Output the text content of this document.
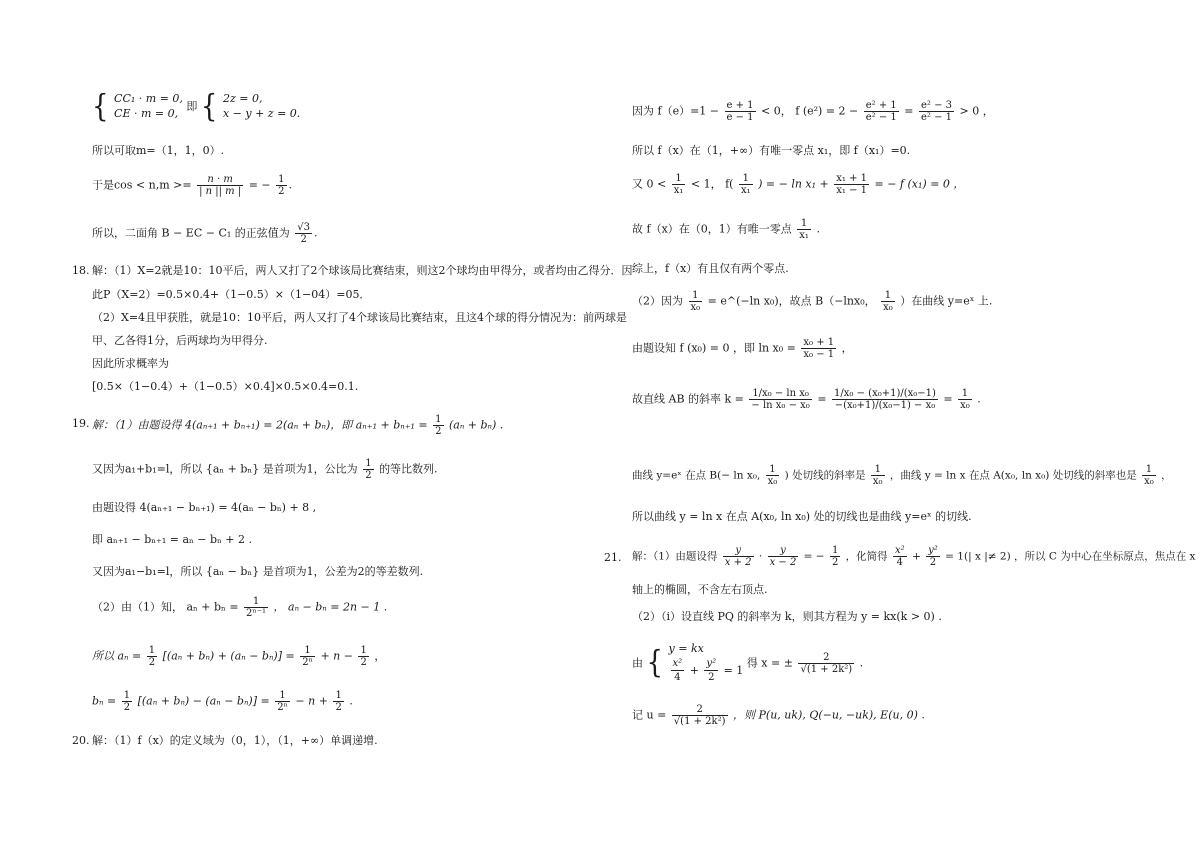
{ CC₁ · m = 0,
CE · m = 0,
即 { 2z = 0,
x − y + z = 0.
所以可取m=（1，1，0）.
于是$\cos < n,m >= \frac{n \cdot m}{| n || m |}$ = − $\frac{1}{2}$ .
所以，二面角 B − EC − C₁ 的正弦值为 $\frac{√3}{2}$ .
18. 解：（1）X=2就是10：10平后，两人又打了2个球该局比赛结束，则这2个球均由甲得分，或者均由乙得分．因
此P（X=2）=0.5×0.4+（1−0.5）×（1−04）=05．
（2）X=4且甲获胜，就是10：10平后，两人又打了4个球该局比赛结束，且这4个球的得分情况为：前两球是
甲、乙各得1分，后两球均为甲得分.
因此所求概率为
[0.5×（1−0.4）+（1−0.5）×0.4]×0.5×0.4=0.1.
19. 解：（1）由题设得 4(aₙ₊₁ + bₙ₊₁) = 2(aₙ + bₙ)，即 $a_{n+1} + b_{n+1} = \frac{1}{2} (a_n + b_n)$ .
又因为a₁+b₁=l，所以 {aₙ + bₙ} 是首项为1，公比为 $\frac{1}{2}$ 的等比数列.
由题设得 4(aₙ₊₁ − bₙ₊₁) = 4(aₙ − bₙ) + 8 ,
即 aₙ₊₁ − bₙ₊₁ = aₙ − bₙ + 2 .
又因为a₁−b₁=l，所以 {aₙ − bₙ} 是首项为1，公差为2的等差数列.
（2）由（1）知， $a_n + b_n = \frac{1}{\text{2ⁿ⁻¹}}$ ， aₙ − bₙ = 2n − 1 .
所以 $a_n = \frac{1}{2} [(a_n + b_n) + (a_n - b_n)] = \frac{1}{\text{2ⁿ}} + n - \frac{1}{2}$ ，
$b_n = \frac{1}{2} [(a_n + b_n) - (a_n - b_n)] = \frac{1}{\text{2ⁿ}} - n + \frac{1}{2}$ .
20. 解：（1）f（x）的定义域为（0，1），（1，+∞）单调递增.
因为 $f(e)=1 - \frac{e + 1}{e - 1} < 0$， f $(e^2) = 2 - \frac{\text{e² + 1}}{\text{e² − 1}} = \frac{\text{e² − 3}}{\text{e² − 1}} > 0$ ，
所以 f（x）在（1，+∞）有唯一零点 x₁，即 f（x₁）=0.
又 $0 < \frac{1}{\text{x₁}} < 1$， $f( \frac{1}{\text{x₁}}$ ) = − $\ln x_1 + \frac{\text{x₁ + 1}}{\text{x₁ − 1}}$ = − f (x₁) = 0 ，
故 f（x）在（0，1）有唯一零点 $\frac{1}{\text{x₁}}$ .
综上，f（x）有且仅有两个零点.
（2）因为 $\frac{1}{\text{x₀}}$ = e^(−ln x₀)，故点 B（−lnx₀， $\frac{1}{\text{x₀}}$ ）在曲线 y=eˣ 上.
由题设知 f (x₀) = 0 ，即 $\ln x_0 = \frac{\text{x₀ + 1}}{\text{x₀ − 1}}$ ，
故直线 AB 的斜率 $k = \frac{\text{1/x₀ − ln x₀}}{\text{− ln x₀ − x₀}} = \frac{\text{1/x₀ − (x₀+1)/(x₀−1)}}{\text{−(x₀+1)/(x₀−1) − x₀}} = \frac{1}{\text{x₀}}$ .
曲线 y=eˣ 在点 B(− ln x₀, $\frac{1}{\text{x₀}}$ ) 处切线的斜率是 $\frac{1}{\text{x₀}}$ ，曲线 y = ln x 在点 A(x₀, ln x₀) 处切线的斜率也是 $\frac{1}{\text{x₀}}$ ，
所以曲线 y = ln x 在点 A(x₀, ln x₀) 处的切线也是曲线 y=eˣ 的切线.
21. 解：（1）由题设得 $\frac{y}{x + 2} \cdot \frac{y}{x - 2}$ = − $\frac{1}{2}$ ，化简得 $\frac{\text{x²}}{4} + \frac{\text{y²}}{2} = 1(|$ x |≠ 2) ，所以 C 为中心在坐标原点，焦点在 x
轴上的椭圆，不含左右顶点.
（2）（i）设直线 PQ 的斜率为 k，则其方程为 y = kx(k > 0) .
由 { y = kx
$\frac{\text{x²}}{4} + \frac{\text{y²}}{2} = 1$
得 x = ± $\frac{2}{\text{√(1 + 2k²)}}$ .
记 $u = \frac{2}{\text{√(1 + 2k²)}}$ ，则 P(u, uk), Q(−u, −uk), E(u, 0) .
